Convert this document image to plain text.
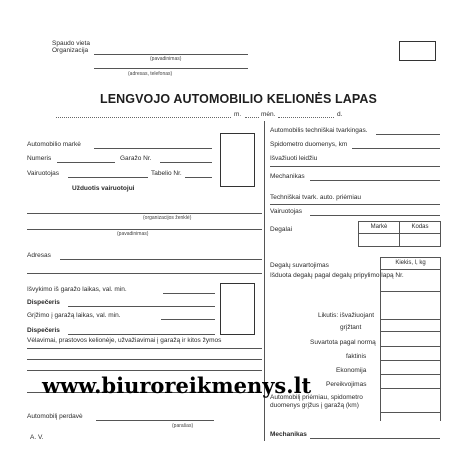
Spaudo vieta
Organizacija
(pavadinimas)
(adresas, telefonas)
LENGVOJO AUTOMOBILIO KELIONĖS LAPAS
m.	mėn.	d.
Automobilio markė
Numeris	Garažo Nr.
Vairuotojas	Tabelio Nr.
Užduotis vairuotojui
(organizacijos ženklė)
(pavadinimas)
Adresas
Išvykimo iš garažo laikas, val. min.
Dispečeris
Grįžimo į garažą laikas, val. min.
Dispečeris
Vėlavimai, prastovos kelionėje, užvažiavimai į garažą ir kitos žymos
Automobilį perdavė
(parašas)
A. V.
Automobilis techniškai tvarkingas.
Spidometro duomenys, km
Išvažiuoti leidžiu
Mechanikas
Techniškai tvark. auto. priėmiau
Vairuotojas
Degalai	Markė	Kodas
Degalų suvartojimas	Kiekis, l, kg
Išduota degalų pagal degalų pripylimo lapą Nr.
Likutis: išvažiuojant
grįžtant
Suvartota pagal normą
faktinis
Ekonomija
Pereikvojimas
Automobilį priėmiau, spidometro duomenys grįžus į garažą (km)
Mechanikas
www.biuroreikmenys.lt
